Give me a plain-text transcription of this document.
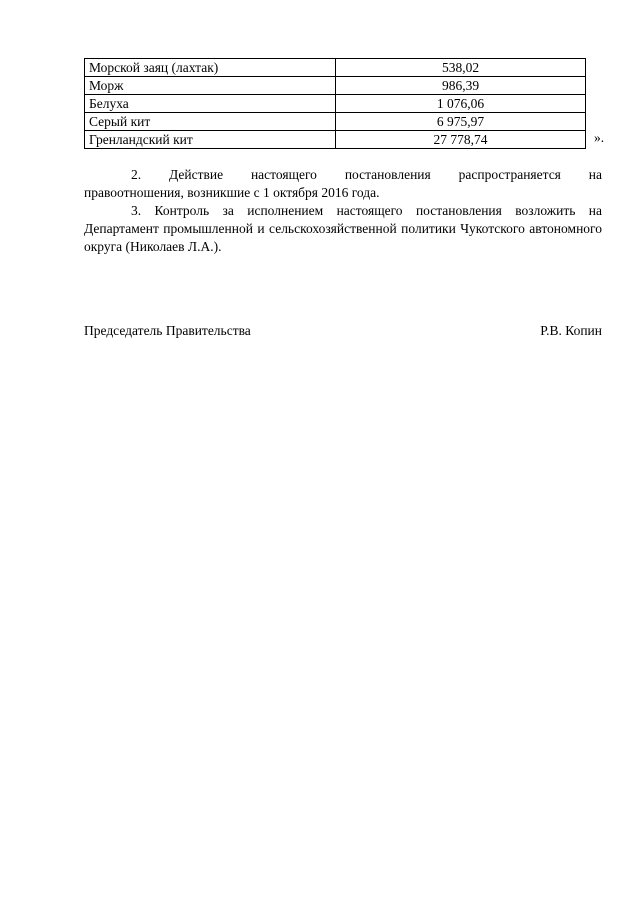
Морской заяц (лахтак)	538,02
Морж	986,39
Белуха	1 076,06
Серый кит	6 975,97
Гренландский кит	27 778,74	».
2. Действие настоящего постановления распространяется на
правоотношения, возникшие с 1 октября 2016 года.
3. Контроль за исполнением настоящего постановления возложить на Департамент промышленной и сельскохозяйственной политики Чукотского автономного округа (Николаев Л.А.).
Председатель Правительства	Р.В. Копин
